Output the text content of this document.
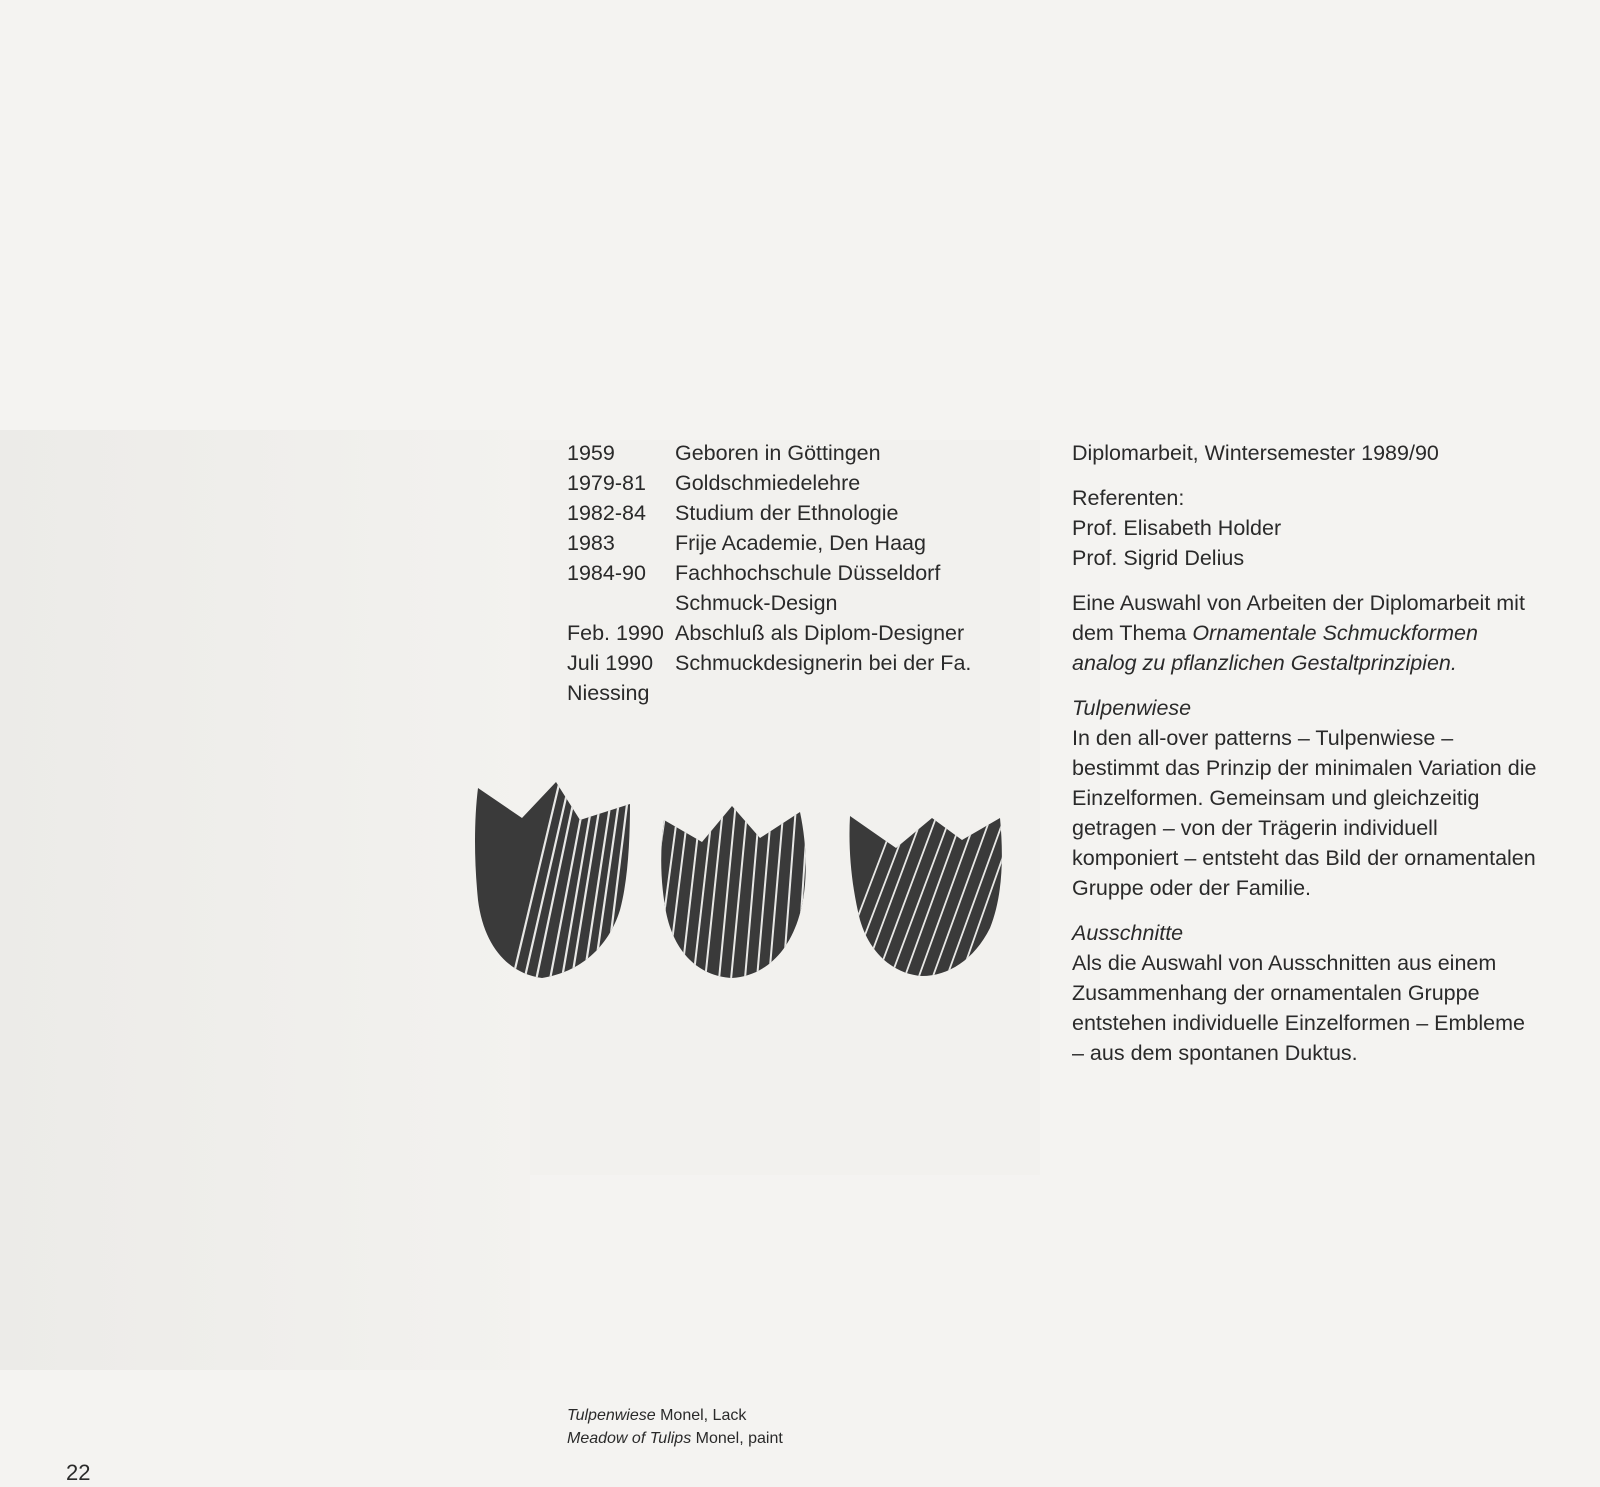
1959	Geboren in Göttingen
1979-81	Goldschmiedelehre
1982-84	Studium der Ethnologie
1983	Frije Academie, Den Haag
1984-90	Fachhochschule Düsseldorf
Schmuck-Design
Feb. 1990 Abschluß als Diplom-Designer
Juli 1990	Schmuckdesignerin bei der Fa.
Niessing

Diplomarbeit, Wintersemester 1989/90

Referenten:
Prof. Elisabeth Holder
Prof. Sigrid Delius

Eine Auswahl von Arbeiten der Diplomarbeit mit dem Thema Ornamentale Schmuckformen analog zu pflanzlichen Gestaltprinzipien.

Tulpenwiese
In den all-over patterns – Tulpenwiese – bestimmt das Prinzip der minimalen Variation die Einzelformen. Gemeinsam und gleichzeitig getragen – von der Trägerin individuell komponiert – entsteht das Bild der ornamentalen Gruppe oder der Familie.

Ausschnitte
Als die Auswahl von Ausschnitten aus einem Zusammenhang der ornamentalen Gruppe entstehen individuelle Einzelformen – Embleme – aus dem spontanen Duktus.

Tulpenwiese Monel, Lack
Meadow of Tulips Monel, paint
22
